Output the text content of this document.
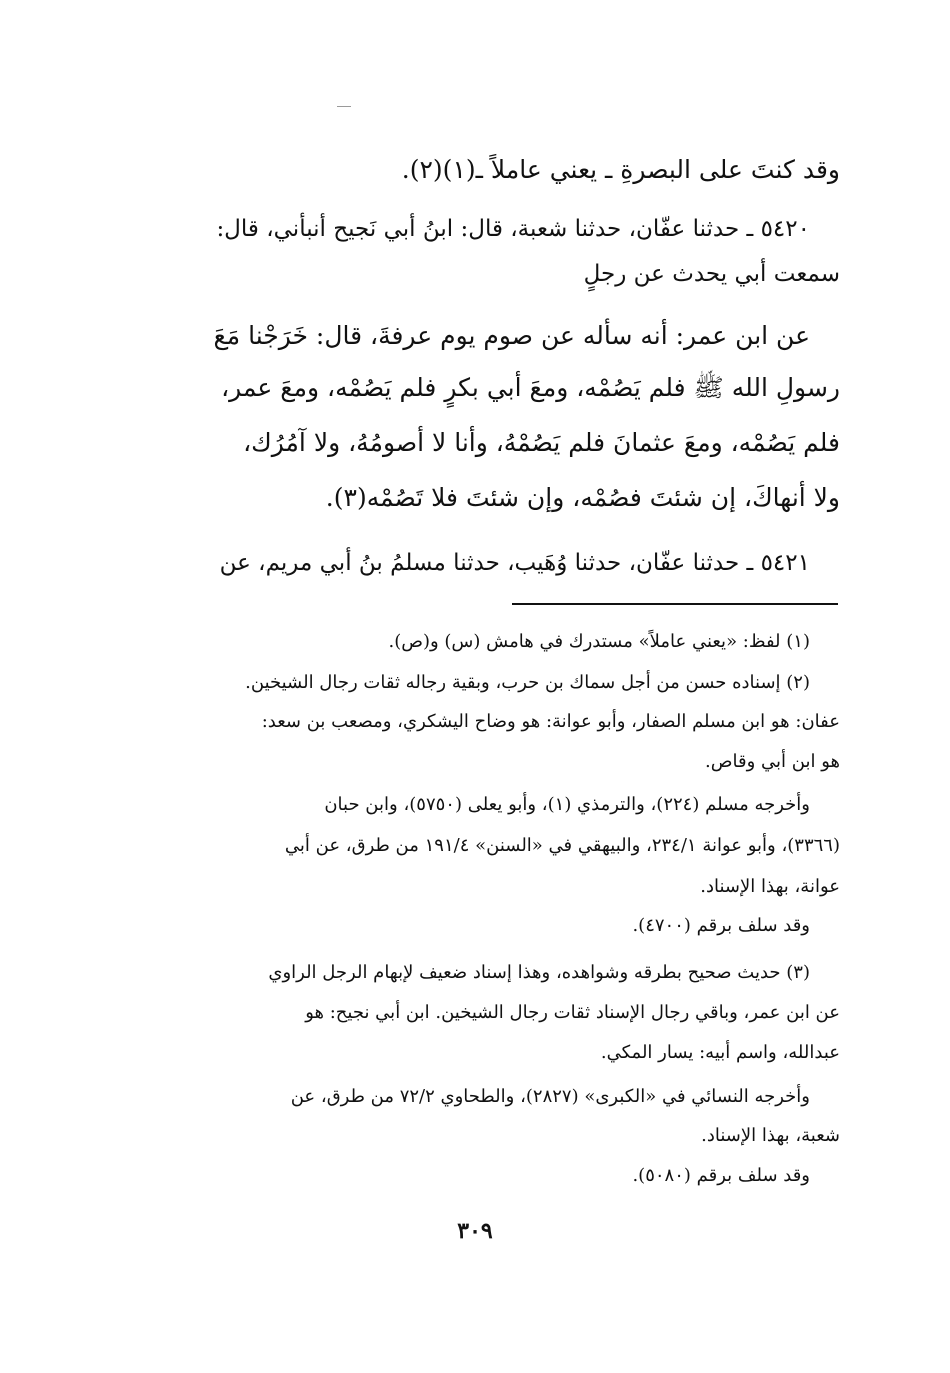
وقد كنتَ على البصرةِ ـ يعني عاملاً ـ(١)(٢).
٥٤٢٠ ـ حدثنا عفّان، حدثنا شعبة، قال: ابنُ أبي نَجيح أنبأني، قال:
سمعت أبي يحدث عن رجلٍ
عن ابن عمر: أنه سأله عن صوم يوم عرفةَ، قال: خَرَجْنا مَعَ
رسولِ الله ﷺ فلم يَصُمْه، ومعَ أبي بكرٍ فلم يَصُمْه، ومعَ عمر،
فلم يَصُمْه، ومعَ عثمانَ فلم يَصُمْهُ، وأنا لا أصومُهُ، ولا آمُرُك،
ولا أنهاكَ، إن شئتَ فصُمْه، وإن شئتَ فلا تَصُمْه(٣).
٥٤٢١ ـ حدثنا عفّان، حدثنا وُهَيب، حدثنا مسلمُ بنُ أبي مريم، عن
(١) لفظ: «يعني عاملاً» مستدرك في هامش (س) و(ص).
(٢) إسناده حسن من أجل سماك بن حرب، وبقية رجاله ثقات رجال الشيخين.
عفان: هو ابن مسلم الصفار، وأبو عوانة: هو وضاح اليشكري، ومصعب بن سعد:
هو ابن أبي وقاص.
وأخرجه مسلم (٢٢٤)، والترمذي (١)، وأبو يعلى (٥٧٥٠)، وابن حبان
(٣٣٦٦)، وأبو عوانة ٢٣٤/١، والبيهقي في «السنن» ١٩١/٤ من طرق، عن أبي
عوانة، بهذا الإسناد.
وقد سلف برقم (٤٧٠٠).
(٣) حديث صحيح بطرقه وشواهده، وهذا إسناد ضعيف لإبهام الرجل الراوي
عن ابن عمر، وباقي رجال الإسناد ثقات رجال الشيخين. ابن أبي نجيح: هو
عبدالله، واسم أبيه: يسار المكي.
وأخرجه النسائي في «الكبرى» (٢٨٢٧)، والطحاوي ٧٢/٢ من طرق، عن
شعبة، بهذا الإسناد.
وقد سلف برقم (٥٠٨٠).
٣٠٩
